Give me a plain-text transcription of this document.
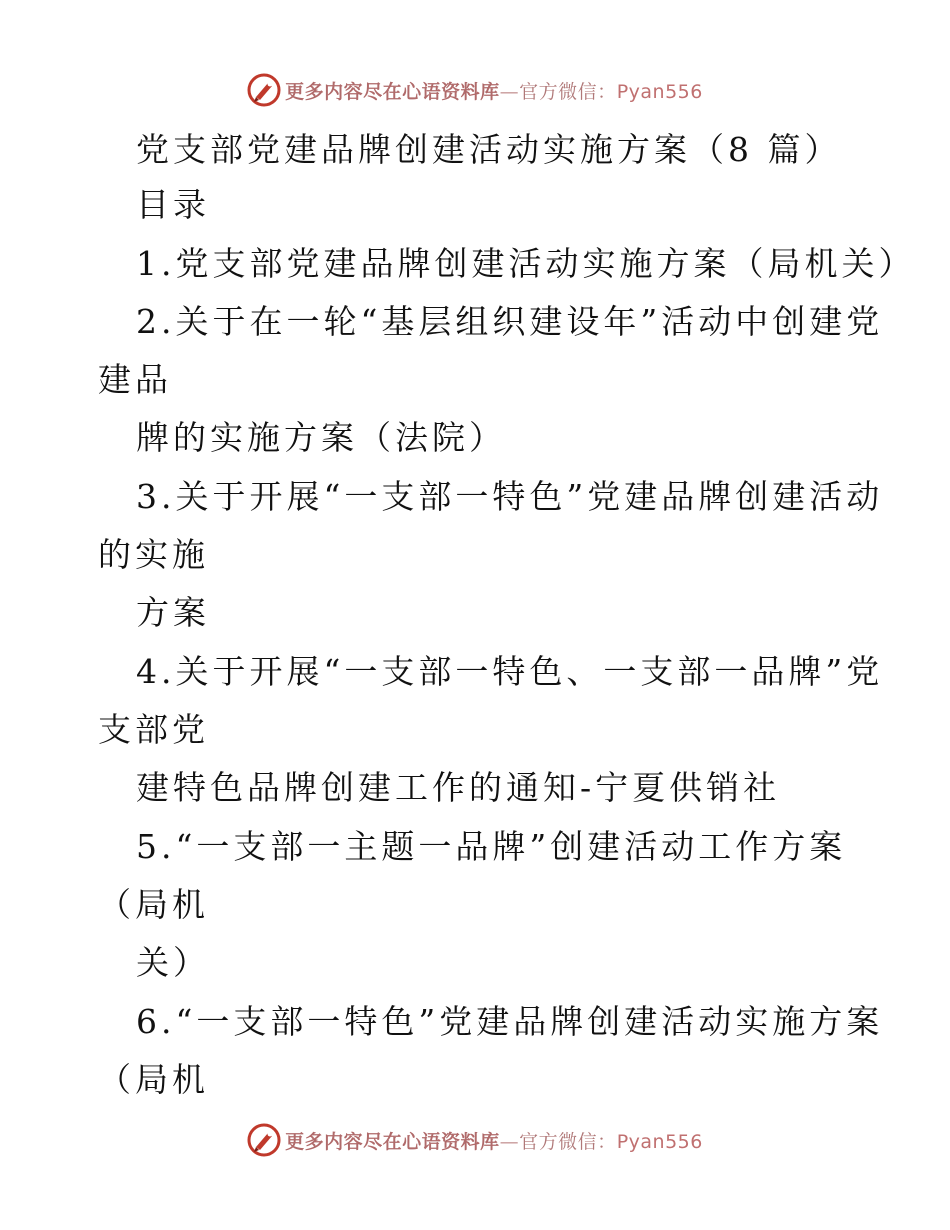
更多内容尽在心语资料库—官方微信：Pyan556
党支部党建品牌创建活动实施方案（8 篇）
目录
1.党支部党建品牌创建活动实施方案（局机关）
2.关于在一轮“基层组织建设年”活动中创建党
建品
牌的实施方案（法院）
3.关于开展“一支部一特色”党建品牌创建活动
的实施
方案
4.关于开展“一支部一特色、一支部一品牌”党
支部党
建特色品牌创建工作的通知-宁夏供销社
5.“一支部一主题一品牌”创建活动工作方案
（局机
关）
6.“一支部一特色”党建品牌创建活动实施方案
（局机
更多内容尽在心语资料库—官方微信：Pyan556
